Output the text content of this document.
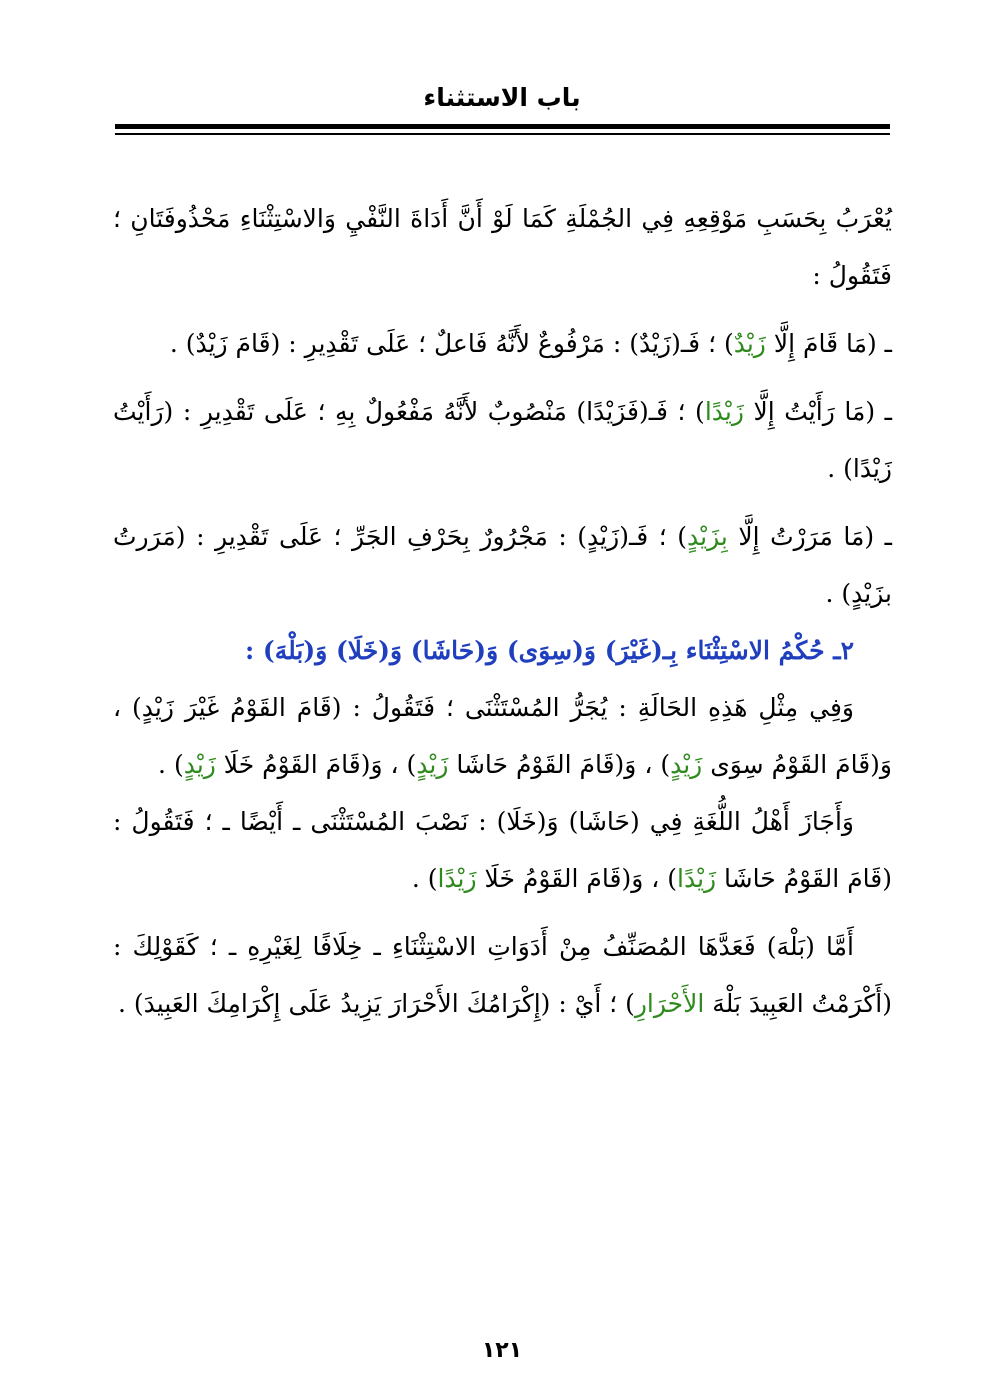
باب الاستثناء

يُعْرَبُ بِحَسَبِ مَوْقِعِهِ فِي الجُمْلَةِ كَمَا لَوْ أَنَّ أَدَاةَ النَّفْيِ وَالاسْتِثْنَاءِ مَحْذُوفَتَانِ ؛ فَتَقُولُ :

ـ (مَا قَامَ إِلَّا زَيْدٌ) ؛ فَـ(زَيْدٌ) : مَرْفُوعٌ لأَنَّهُ فَاعلٌ ؛ عَلَى تَقْدِيرِ : (قَامَ زَيْدٌ) .

ـ (مَا رَأَيْتُ إِلَّا زَيْدًا) ؛ فَـ(فَزَيْدًا) مَنْصُوبٌ لأَنَّهُ مَفْعُولٌ بِهِ ؛ عَلَى تَقْدِيرِ : (رَأَيْتُ زَيْدًا) .

ـ (مَا مَرَرْتُ إِلَّا بِزَيْدٍ) ؛ فَـ(زَيْدٍ) : مَجْرُورٌ بِحَرْفِ الجَرِّ ؛ عَلَى تَقْدِيرِ : (مَرَرتُ بزَيْدٍ) .

٢ـ حُكْمُ الاسْتِثْنَاء بِـ(غَيْرَ) وَ(سِوَى) وَ(حَاشَا) وَ(خَلَا) وَ(بَلْهَ) :

وَفِي مِثْلِ هَذِهِ الحَالَةِ : يُجَرُّ المُسْتَثْنَى ؛ فَتَقُولُ : (قَامَ القَوْمُ غَيْرَ زَيْدٍ) ، وَ(قَامَ القَوْمُ سِوَى زَيْدٍ) ، وَ(قَامَ القَوْمُ حَاشَا زَيْدٍ) ، وَ(قَامَ القَوْمُ خَلَا زَيْدٍ) .

وَأَجَازَ أَهْلُ اللُّغَةِ فِي (حَاشَا) وَ(خَلَا) : نَصْبَ المُسْتَثْنَى ـ أَيْضًا ـ ؛ فَتَقُولُ : (قَامَ القَوْمُ حَاشَا زَيْدًا) ، وَ(قَامَ القَوْمُ خَلَا زَيْدًا) .

أَمَّا (بَلْهَ) فَعَدَّهَا المُصَنِّفُ مِنْ أَدَوَاتِ الاسْتِثْنَاءِ ـ خِلَافًا لِغَيْرِهِ ـ ؛ كَقَوْلِكَ : (أَكْرَمْتُ العَبِيدَ بَلْهَ الأَحْرَارِ) ؛ أَيْ : (إِكْرَامُكَ الأَحْرَارَ يَزِيدُ عَلَى إِكْرَامِكَ العَبِيدَ) .

١٢١
